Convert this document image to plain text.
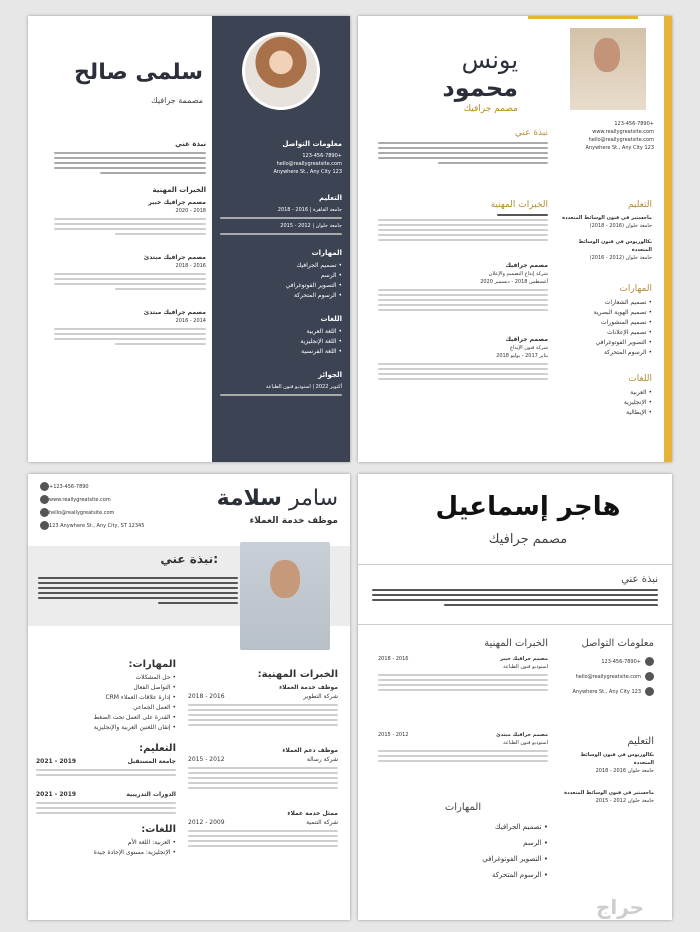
سلمى صالح
مصممة جرافيك
نبذة عني
الخبرات المهنية
مصمم جرافيك خبير
2018 - 2020
مصمم جرافيك مبتدئ
2016 - 2018
مصمم جرافيك مبتدئ
2014 - 2016
معلومات التواصل
+123-456-7890
hello@reallygreatsite.com
123 Anywhere St., Any City
التعليم
جامعة القاهرة | 2016 - 2018
جامعة حلوان | 2012 - 2015
المهارات
• تصميم الجرافيك
• الرسم
• التصوير الفوتوغرافي
• الرسوم المتحركة
اللغات
• اللغة العربية
• اللغة الإنجليزية
• اللغة الفرنسية
الجوائز
أكتوبر 2022 | استوديو فنون الطباعة
يونس
محمود
مصمم جرافيك
+123-456-7890
www.reallygreatsite.com
hello@reallygreatsite.com
123 Anywhere St., Any City
نبذة عني
الخبرات المهنية
مصمم جرافيك
شركة إبداع التصميم والإعلان
أغسطس 2018 - ديسمبر 2020
مصمم جرافيك
شركة فنون الإبداع
يناير 2017 - يوليو 2018
التعليم
ماجستير في فنون الوسائط المتعددة
جامعة حلوان (2016 - 2018)
بكالوريوس في فنون الوسائط المتعددة
جامعة حلوان (2012 - 2016)
المهارات
• تصميم الشعارات
• تصميم الهوية البصرية
• تصميم المنشورات
• تصميم الإعلانات
• التصوير الفوتوغرافي
• الرسوم المتحركة
اللغات
• العربية
• الإنجليزية
• الإيطالية
+123-456-7890
www.reallygreatsite.com
hello@reallygreatsite.com
123 Anywhere St., Any City, ST 12345
سامر سلامة
موظف خدمة العملاء
نبذة عني:
المهارات:
• حل المشكلات
• التواصل الفعال
• إدارة علاقات العملاء CRM
• العمل الجماعي
• القدرة على العمل تحت الضغط
• إتقان اللغتين العربية والإنجليزية
التعليم:
جامعة المستقبل
2019 - 2021
الدورات التدريبية
2019 - 2021
اللغات:
• العربية: اللغة الأم
• الإنجليزية: مستوى الإجادة جيدة
الخبرات المهنية:
موظف خدمة العملاء
شركة التطوير
2016 - 2018
موظف دعم العملاء
شركة رسالة
2012 - 2015
ممثل خدمة عملاء
شركة التنمية
2009 - 2012
هاجر إسماعيل
مصمم جرافيك
نبذة عني
الخبرات المهنية
مصمم جرافيك خبير
2016 - 2018
استوديو فنون الطباعة
مصمم جرافيك مبتدئ
2012 - 2015
استوديو فنون الطباعة
المهارات
• تصميم الجرافيك
• الرسم
• التصوير الفوتوغرافي
• الرسوم المتحركة
معلومات التواصل
+123-456-7890
hello@reallygreatsite.com
123 Anywhere St., Any City
التعليم
بكالوريوس في فنون الوسائط المتعددة
جامعة حلوان 2016 - 2018
ماجستير في فنون الوسائط المتعددة
جامعة حلوان 2012 - 2015
حراج
